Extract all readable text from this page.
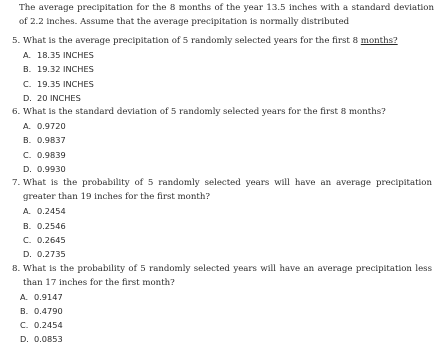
The average precipitation for the 8 months of the year 13.5 inches with a standard deviation of 2.2 inches. Assume that the average precipitation is normally distributed

5. What is the average precipitation of 5 randomly selected years for the first 8 months?
A. 18.35 INCHES
B. 19.32 INCHES
C. 19.35 INCHES
D. 20 INCHES
6. What is the standard deviation of 5 randomly selected years for the first 8 months?
A. 0.9720
B. 0.9837
C. 0.9839
D. 0.9930
7. What is the probability of 5 randomly selected years will have an average precipitation greater than 19 inches for the first month?
A. 0.2454
B. 0.2546
C. 0.2645
D. 0.2735
8. What is the probability of 5 randomly selected years will have an average precipitation less than 17 inches for the first month?
A. 0.9147
B. 0.4790
C. 0.2454
D. 0.0853
